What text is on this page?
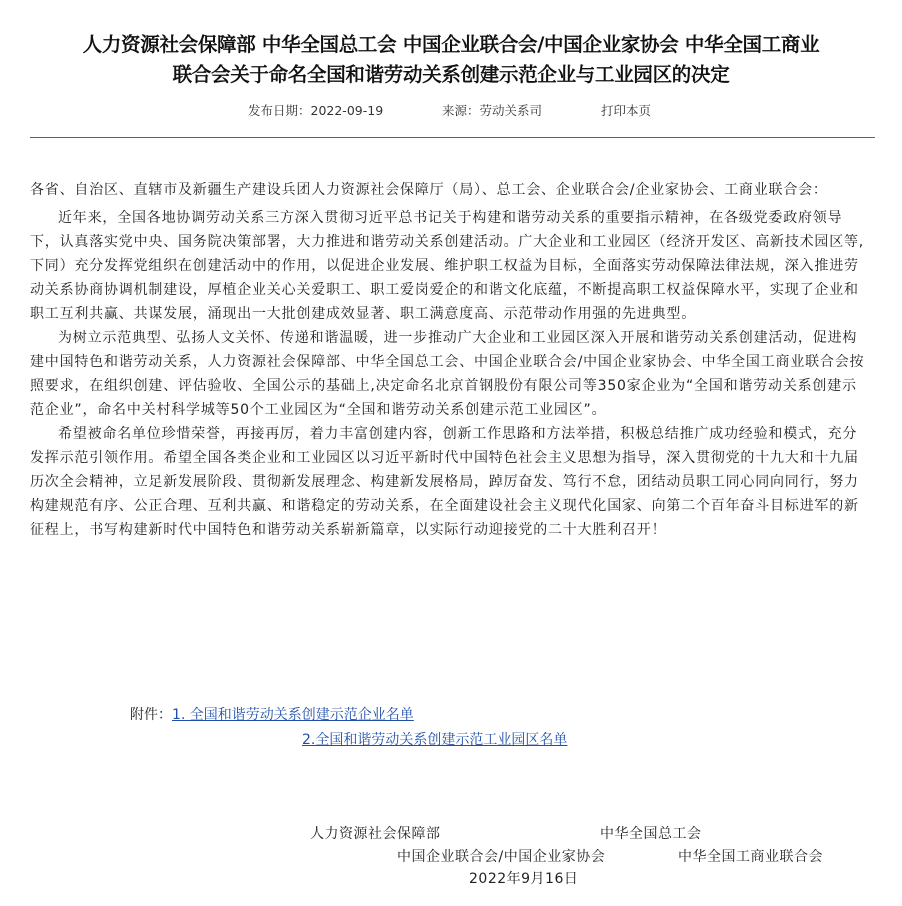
人力资源社会保障部 中华全国总工会 中国企业联合会/中国企业家协会 中华全国工商业
联合会关于命名全国和谐劳动关系创建示范企业与工业园区的决定
发布日期：2022-09-19	来源：劳动关系司	打印本页

各省、自治区、直辖市及新疆生产建设兵团人力资源社会保障厅（局）、总工会、企业联合会/企业家协会、工商业联合会：

近年来，全国各地协调劳动关系三方深入贯彻习近平总书记关于构建和谐劳动关系的重要指示精神，在各级党委政府领导下，认真落实党中央、国务院决策部署，大力推进和谐劳动关系创建活动。广大企业和工业园区（经济开发区、高新技术园区等,下同）充分发挥党组织在创建活动中的作用，以促进企业发展、维护职工权益为目标，全面落实劳动保障法律法规，深入推进劳动关系协商协调机制建设，厚植企业关心关爱职工、职工爱岗爱企的和谐文化底蕴，不断提高职工权益保障水平，实现了企业和职工互利共赢、共谋发展，涌现出一大批创建成效显著、职工满意度高、示范带动作用强的先进典型。

为树立示范典型、弘扬人文关怀、传递和谐温暖，进一步推动广大企业和工业园区深入开展和谐劳动关系创建活动，促进构建中国特色和谐劳动关系，人力资源社会保障部、中华全国总工会、中国企业联合会/中国企业家协会、中华全国工商业联合会按照要求，在组织创建、评估验收、全国公示的基础上,决定命名北京首钢股份有限公司等350家企业为“全国和谐劳动关系创建示范企业”，命名中关村科学城等50个工业园区为“全国和谐劳动关系创建示范工业园区”。

希望被命名单位珍惜荣誉，再接再厉，着力丰富创建内容，创新工作思路和方法举措，积极总结推广成功经验和模式，充分发挥示范引领作用。希望全国各类企业和工业园区以习近平新时代中国特色社会主义思想为指导，深入贯彻党的十九大和十九届历次全会精神，立足新发展阶段、贯彻新发展理念、构建新发展格局，踔厉奋发、笃行不怠，团结动员职工同心同向同行，努力构建规范有序、公正合理、互利共赢、和谐稳定的劳动关系，在全面建设社会主义现代化国家、向第二个百年奋斗目标进军的新征程上，书写构建新时代中国特色和谐劳动关系崭新篇章，以实际行动迎接党的二十大胜利召开！

附件：1. 全国和谐劳动关系创建示范企业名单
2.全国和谐劳动关系创建示范工业园区名单
人力资源社会保障部	中华全国总工会
中国企业联合会/中国企业家协会	中华全国工商业联合会
2022年9月16日
